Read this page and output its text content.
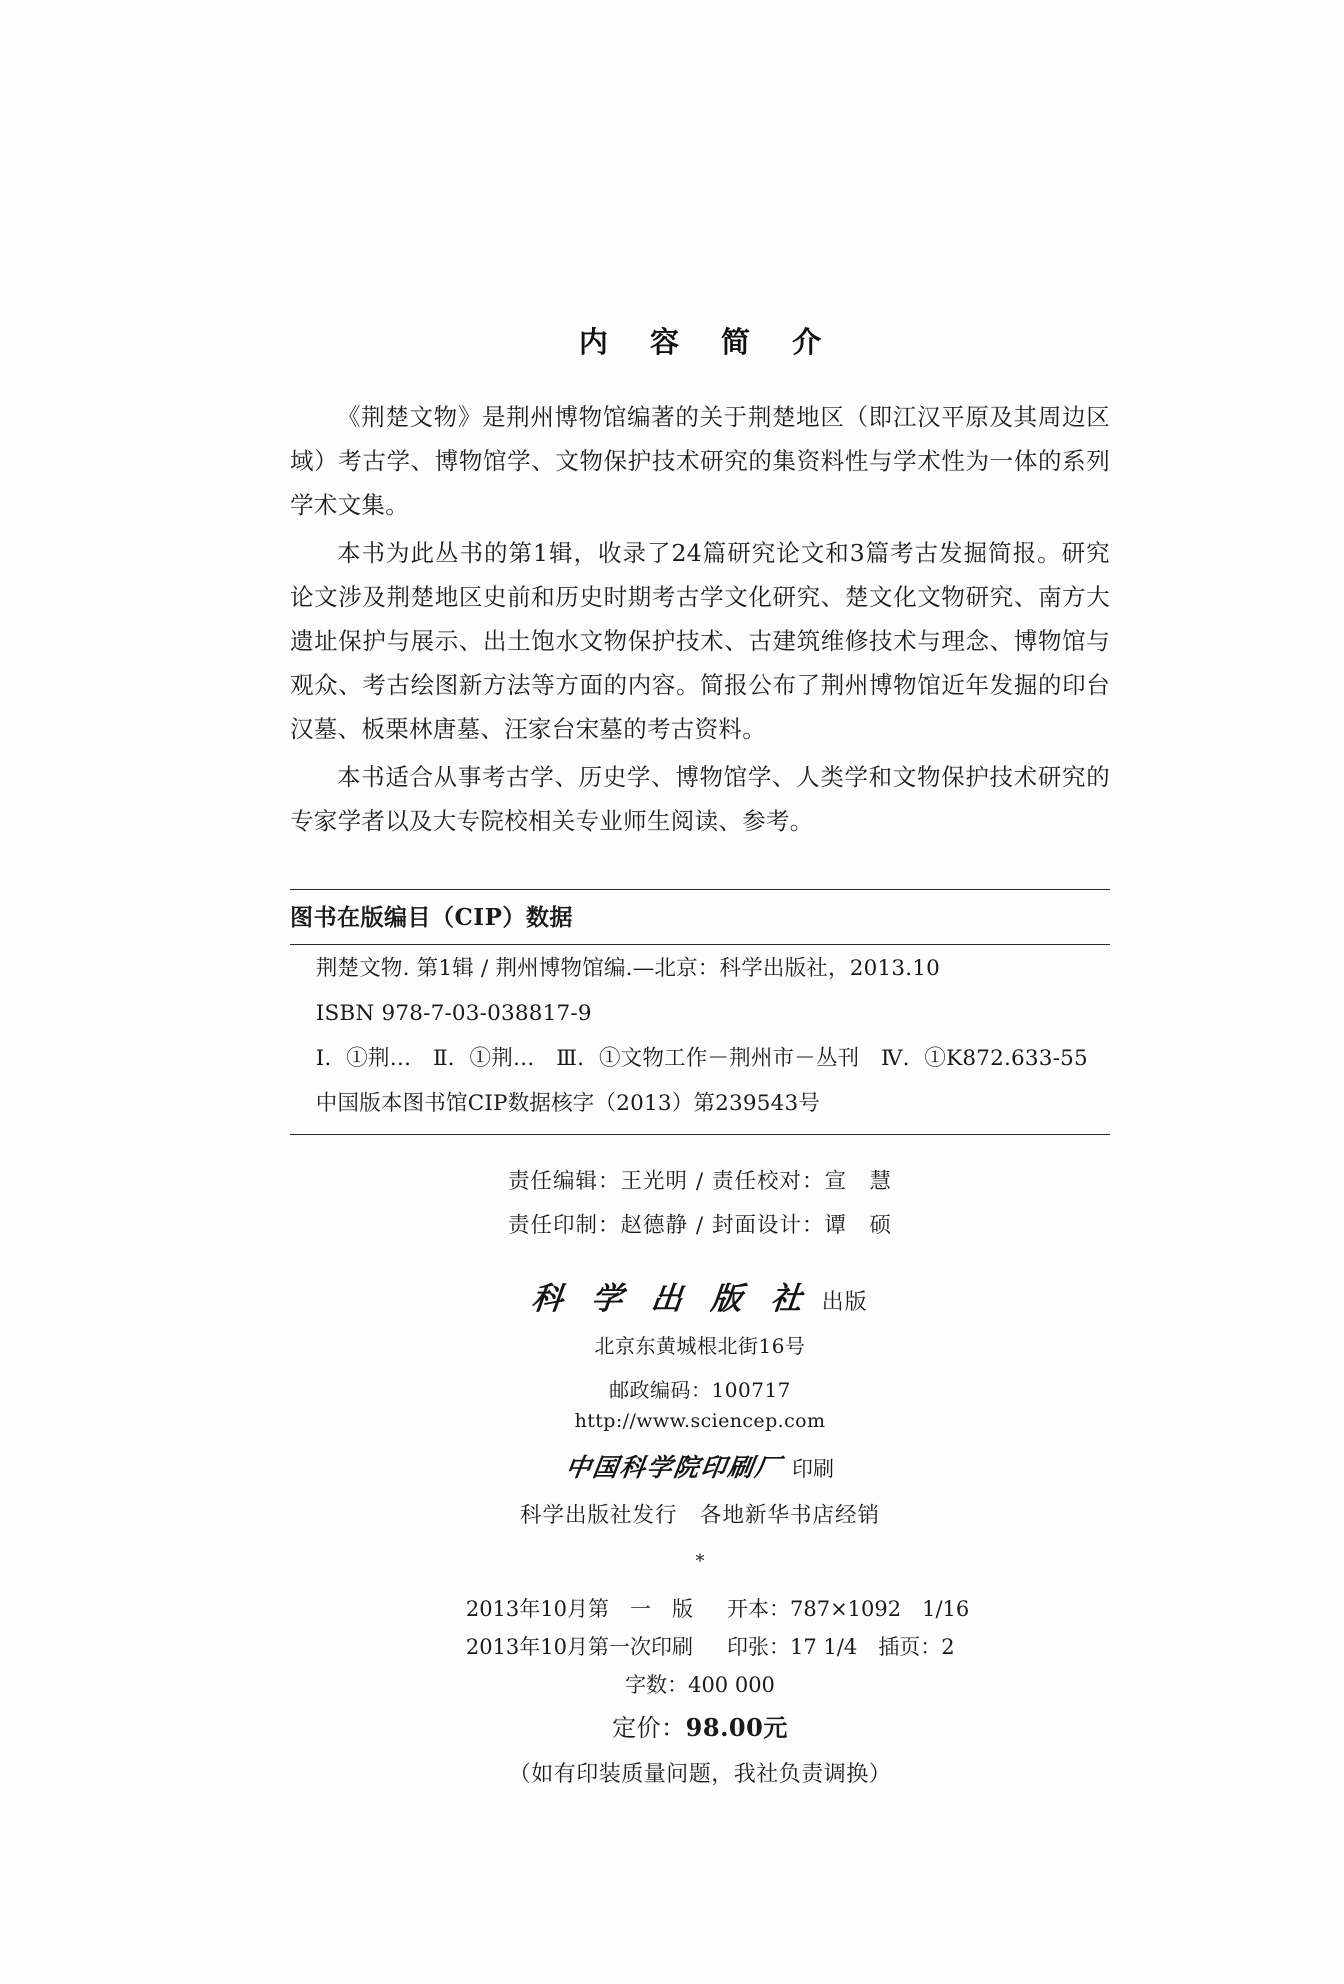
内 容 简 介

《荆楚文物》是荆州博物馆编著的关于荆楚地区（即江汉平原及其周边区域）考古学、博物馆学、文物保护技术研究的集资料性与学术性为一体的系列学术文集。

本书为此丛书的第1辑，收录了24篇研究论文和3篇考古发掘简报。研究论文涉及荆楚地区史前和历史时期考古学文化研究、楚文化文物研究、南方大遗址保护与展示、出土饱水文物保护技术、古建筑维修技术与理念、博物馆与观众、考古绘图新方法等方面的内容。简报公布了荆州博物馆近年发掘的印台汉墓、板栗林唐墓、汪家台宋墓的考古资料。

本书适合从事考古学、历史学、博物馆学、人类学和文物保护技术研究的专家学者以及大专院校相关专业师生阅读、参考。

图书在版编目（CIP）数据

荆楚文物. 第1辑 / 荆州博物馆编.—北京：科学出版社，2013.10

ISBN 978-7-03-038817-9

Ⅰ．①荆…　Ⅱ．①荆…　Ⅲ．①文物工作－荆州市－丛刊　Ⅳ．①K872.633-55

中国版本图书馆CIP数据核字（2013）第239543号

责任编辑：王光明 / 责任校对：宣　慧

责任印制：赵德静 / 封面设计：谭　硕

科 学 出 版 社 出版

北京东黄城根北街16号

邮政编码：100717

http://www.sciencep.com

中国科学院印刷厂 印刷

科学出版社发行　各地新华书店经销

*

2013年10月第　一　版	开本：787×1092　1/16
2013年10月第一次印刷	印张：17 1/4　插页：2
字数：400 000
定价：98.00元
（如有印装质量问题，我社负责调换）
